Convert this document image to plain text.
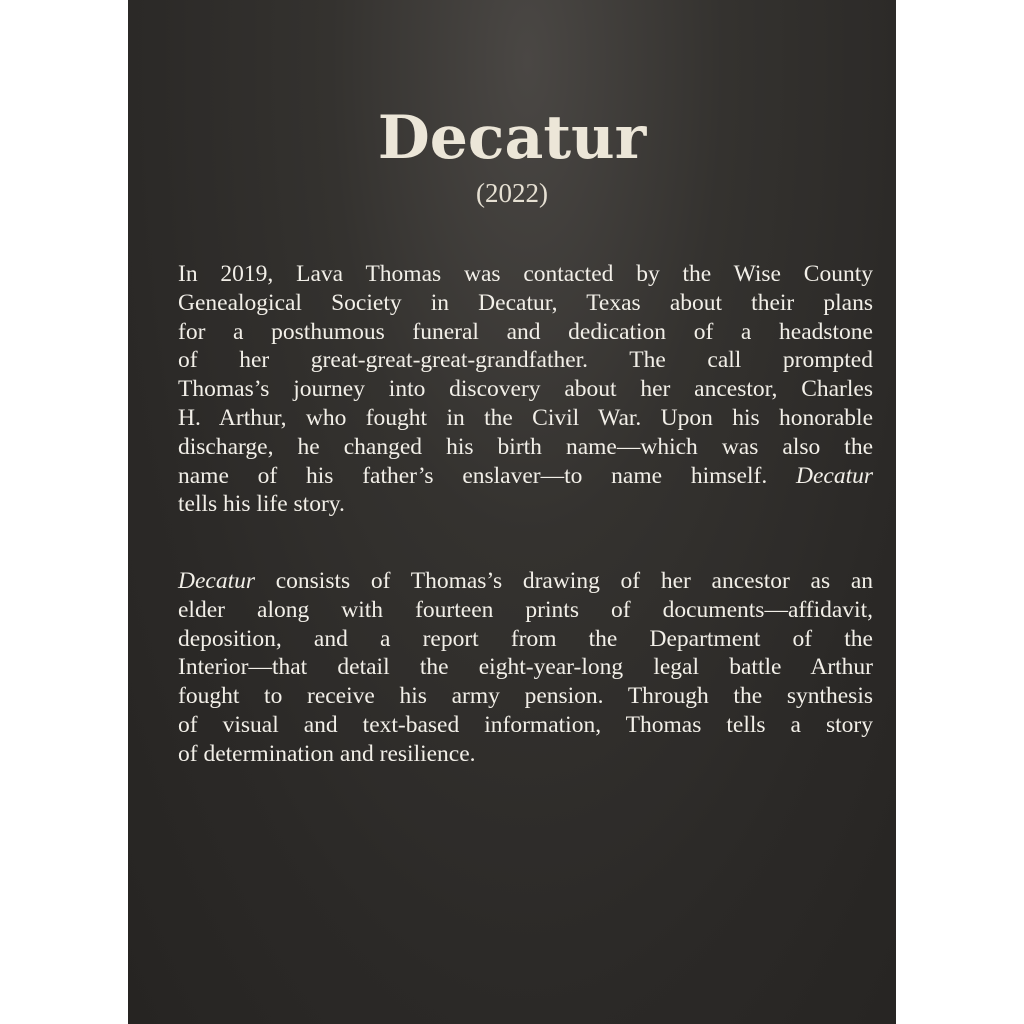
Decatur
(2022)
In 2019, Lava Thomas was contacted by the Wise County
Genealogical Society in Decatur, Texas about their plans
for a posthumous funeral and dedication of a headstone
of her great-great-great-grandfather. The call prompted
Thomas’s journey into discovery about her ancestor, Charles
H. Arthur, who fought in the Civil War. Upon his honorable
discharge, he changed his birth name—which was also the
name of his father’s enslaver—to name himself. Decatur
tells his life story.
Decatur consists of Thomas’s drawing of her ancestor as an
elder along with fourteen prints of documents—affidavit,
deposition, and a report from the Department of the
Interior—that detail the eight-year-long legal battle Arthur
fought to receive his army pension. Through the synthesis
of visual and text-based information, Thomas tells a story
of determination and resilience.
